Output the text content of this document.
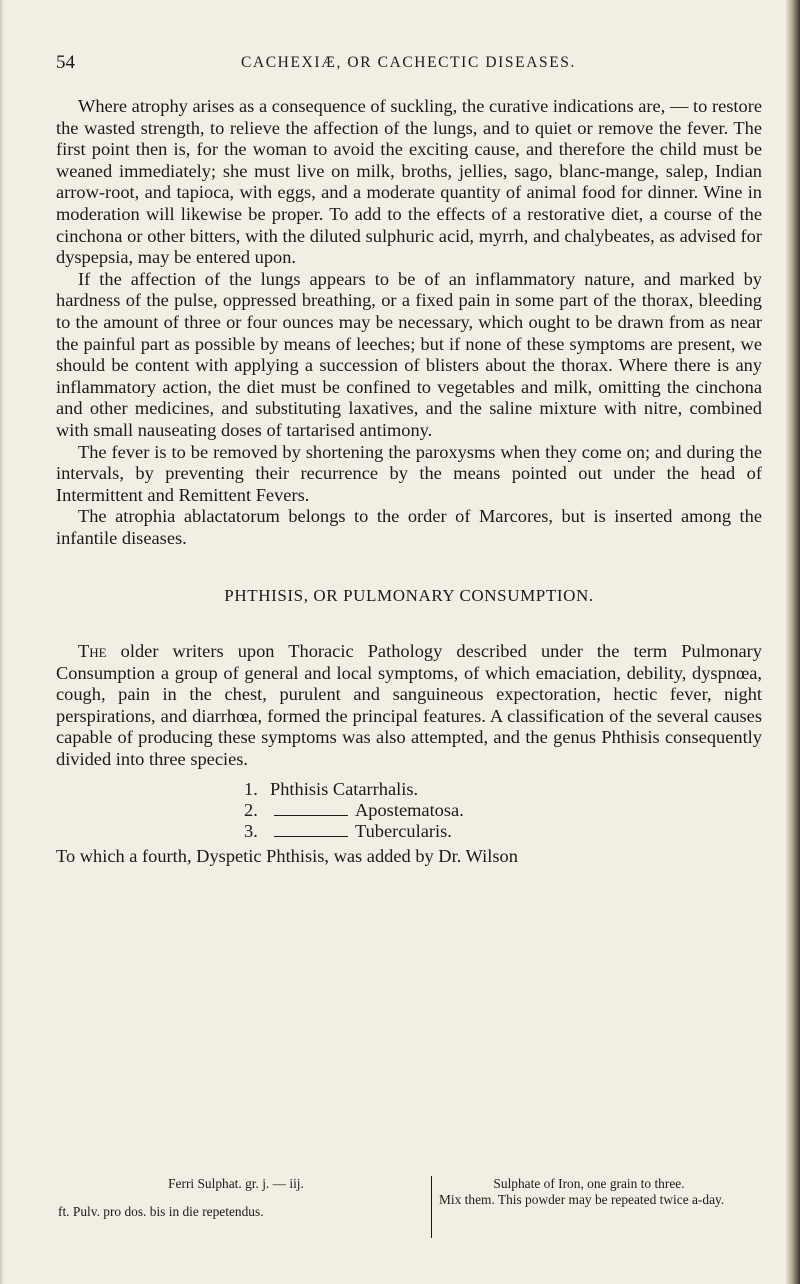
54	CACHEXIÆ, OR CACHECTIC DISEASES.

Where atrophy arises as a consequence of suckling, the curative indications are, — to restore the wasted strength, to relieve the affection of the lungs, and to quiet or remove the fever. The first point then is, for the woman to avoid the exciting cause, and therefore the child must be weaned immediately; she must live on milk, broths, jellies, sago, blanc-mange, salep, Indian arrow-root, and tapioca, with eggs, and a moderate quantity of animal food for dinner. Wine in moderation will likewise be proper. To add to the effects of a restorative diet, a course of the cinchona or other bitters, with the diluted sulphuric acid, myrrh, and chalybeates, as advised for dyspepsia, may be entered upon.

If the affection of the lungs appears to be of an inflammatory nature, and marked by hardness of the pulse, oppressed breathing, or a fixed pain in some part of the thorax, bleeding to the amount of three or four ounces may be necessary, which ought to be drawn from as near the painful part as possible by means of leeches; but if none of these symptoms are present, we should be content with applying a succession of blisters about the thorax. Where there is any inflammatory action, the diet must be confined to vegetables and milk, omitting the cinchona and other medicines, and substituting laxatives, and the saline mixture with nitre, combined with small nauseating doses of tartarised antimony.

The fever is to be removed by shortening the paroxysms when they come on; and during the intervals, by preventing their recurrence by the means pointed out under the head of Intermittent and Remittent Fevers.

The atrophia ablactatorum belongs to the order of Marcores, but is inserted among the infantile diseases.

PHTHISIS, OR PULMONARY CONSUMPTION.

The older writers upon Thoracic Pathology described under the term Pulmonary Consumption a group of general and local symptoms, of which emaciation, debility, dyspnœa, cough, pain in the chest, purulent and sanguineous expectoration, hectic fever, night perspirations, and diarrhœa, formed the principal features. A classification of the several causes capable of producing these symptoms was also attempted, and the genus Phthisis consequently divided into three species.

1. Phthisis Catarrhalis.
2.	Apostematosa.
3.	Tubercularis.

To which a fourth, Dyspetic Phthisis, was added by Dr. Wilson

Ferri Sulphat. gr. j. — iij.
ft. Pulv. pro dos. bis in die repetendus.
Sulphate of Iron, one grain to three.
Mix them. This powder may be repeated twice a-day.
